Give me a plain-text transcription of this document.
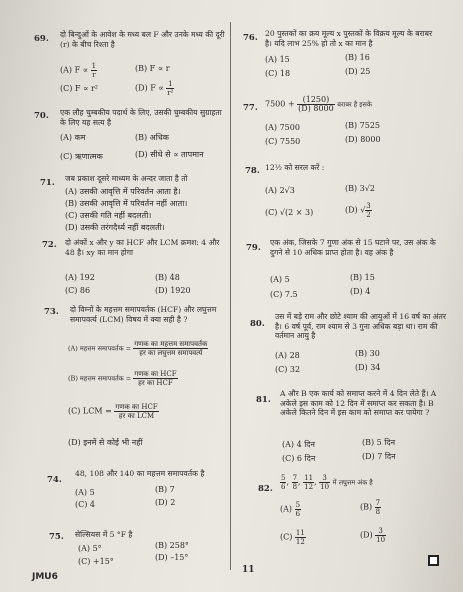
69. दो बिन्दुओं के आवेश के मध्य बल F और उनके मध्य की दूरी (r) के बीच रिश्ता है
(A) $F \propto \frac{1}{r}$	(B) F ∝ r
(C) F ∝ r²	(D) $F \propto \frac{1}{\text{r²}}$
70. एक लौह चुम्बकीय पदार्थ के लिए, उसकी चुम्बकीय सुग्राहता के लिए यह सत्य है
(A) कम	(B) अधिक
(C) ऋणात्मक	(D) सीधे से ∝ तापमान
71. जब प्रकाश दूसरे माध्यम के अन्दर जाता है तो
(A) उसकी आवृत्ति में परिवर्तन आता है।
(B) उसकी आवृत्ति में परिवर्तन नहीं आता।
(C) उसकी गति नहीं बदलती।
(D) उसकी तरंगदैर्ध्य नहीं बदलती।
72. दो अंकों x और y का HCF और LCM क्रमश: 4 और 48 है। xy का मान होगा
(A) 192	(B) 48
(C) 86	(D) 1920
73. दो विम्नों के महत्तम समापवर्तक (HCF) और लघुत्तम समापवर्त्य (LCM) विषय में क्या सही है ?
(A) महत्तम समापवर्तक =
गणक का महत्तम समापवर्तक
हर का लघुत्तम समापवर्त्य
(B) महत्तम समापवर्तक =
गणक का HCF
हर का HCF
(C) LCM = गणक का HCF
हर का LCM
(D) इनमें से कोई भी नहीं
74.
48, 108 और 140 का महत्तम समापवर्तक है
(A) 5	(B) 7
(C) 4	(D) 2
75. सेल्सियस में 5 °F है
(A) 5°	(B) 258°
(C) +15°	(D) –15°
76. 20 पुस्तकों का क्रय मूल्य x पुस्तकों के विक्रय मूल्य के बराबर है। यदि लाभ 25% हो तो x का मान है
(A) 15	(B) 16
(C) 18	(D) 25
77. $7500 + \frac{(1250)}{(D) 8000}$ बराबर है इसके
(A) 7500	(B) 7525
(C) 7550	(D) 8000
78. 12½ को सरल करें :
(A) 2√3	(B) 3√2
(C) √(2 × 3)	(D) √ $\frac{3}{2}$
79.
एक अंक, जिसके 7 गुणा अंक से 15 घटाने पर, उस अंक के दुगने से 10 अधिक प्राप्त होता है। वह अंक है
(A) 5	(B) 15
(C) 7.5	(D) 4
80.
उस में बड़े राम और छोटे श्याम की आयुओं में 16 वर्ष का अंतर है। 6 वर्ष पूर्व, राम श्याम से 3 गुना अधिक बड़ा था। राम की वर्तमान आयु है
(A) 28	(B) 30
(C) 32	(D) 34
81.
A और B एक कार्य को समाप्त करने में 4 दिन लेते हैं। A अकेले इस काम को 12 दिन में समाप्त कर सकता है। B अकेले कितने दिन में इस काम को समाप्त कर पायेगा ?
(A) 4 दिन	(B) 5 दिन
(C) 6 दिन	(D) 7 दिन
82. $\frac{5}{6}$ , $\frac{7}{8}$ , $\frac{11}{12}$ , $\frac{3}{10}$ में लघुत्तम अंक है
$(A) \frac{5}{6}$	$(B) \frac{7}{8}$
$(C) \frac{11}{12}$	$(D) \frac{3}{10}$
11
JMU6
